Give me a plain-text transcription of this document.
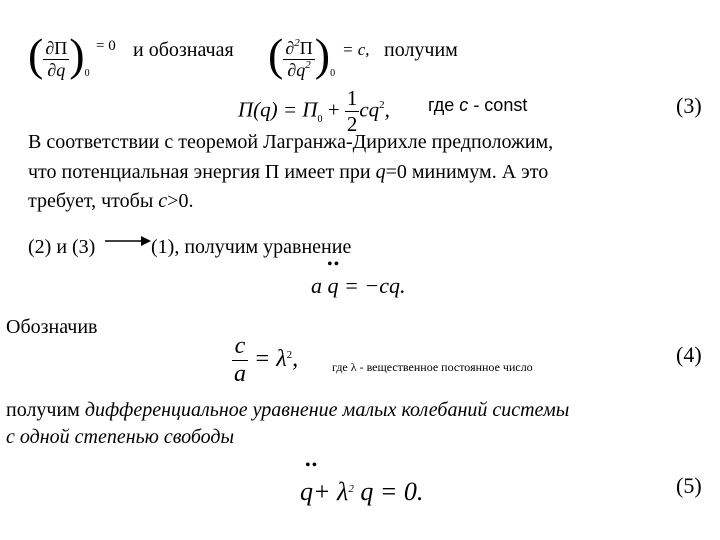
( $\frac{\partial\Pi}{\partial q} )_0$
= 0 и обозначая ( $\frac{\partial^2\Pi}{\partial q^2} )_0$
= c, получим
$\Pi(q) = \Pi_0 + \frac{1}{2} cq^2$, где c - const	(3)
В соответствии с теоремой Лагранжа-Дирихле предположим,
что потенциальная энергия П имеет при q=0 минимум. А это
требует, чтобы c>0.
(2) и (3)	(1), получим уравнение
••
a q = −cq.
Обозначив
$\frac{c}{a} = \lambda^2$,	где λ - вещественное постоянное число	(4)
получим дифференциальное уравнение малых колебаний системы
с одной степенью свободы
••
$q+ \lambda^2$ q = 0.	(5)
